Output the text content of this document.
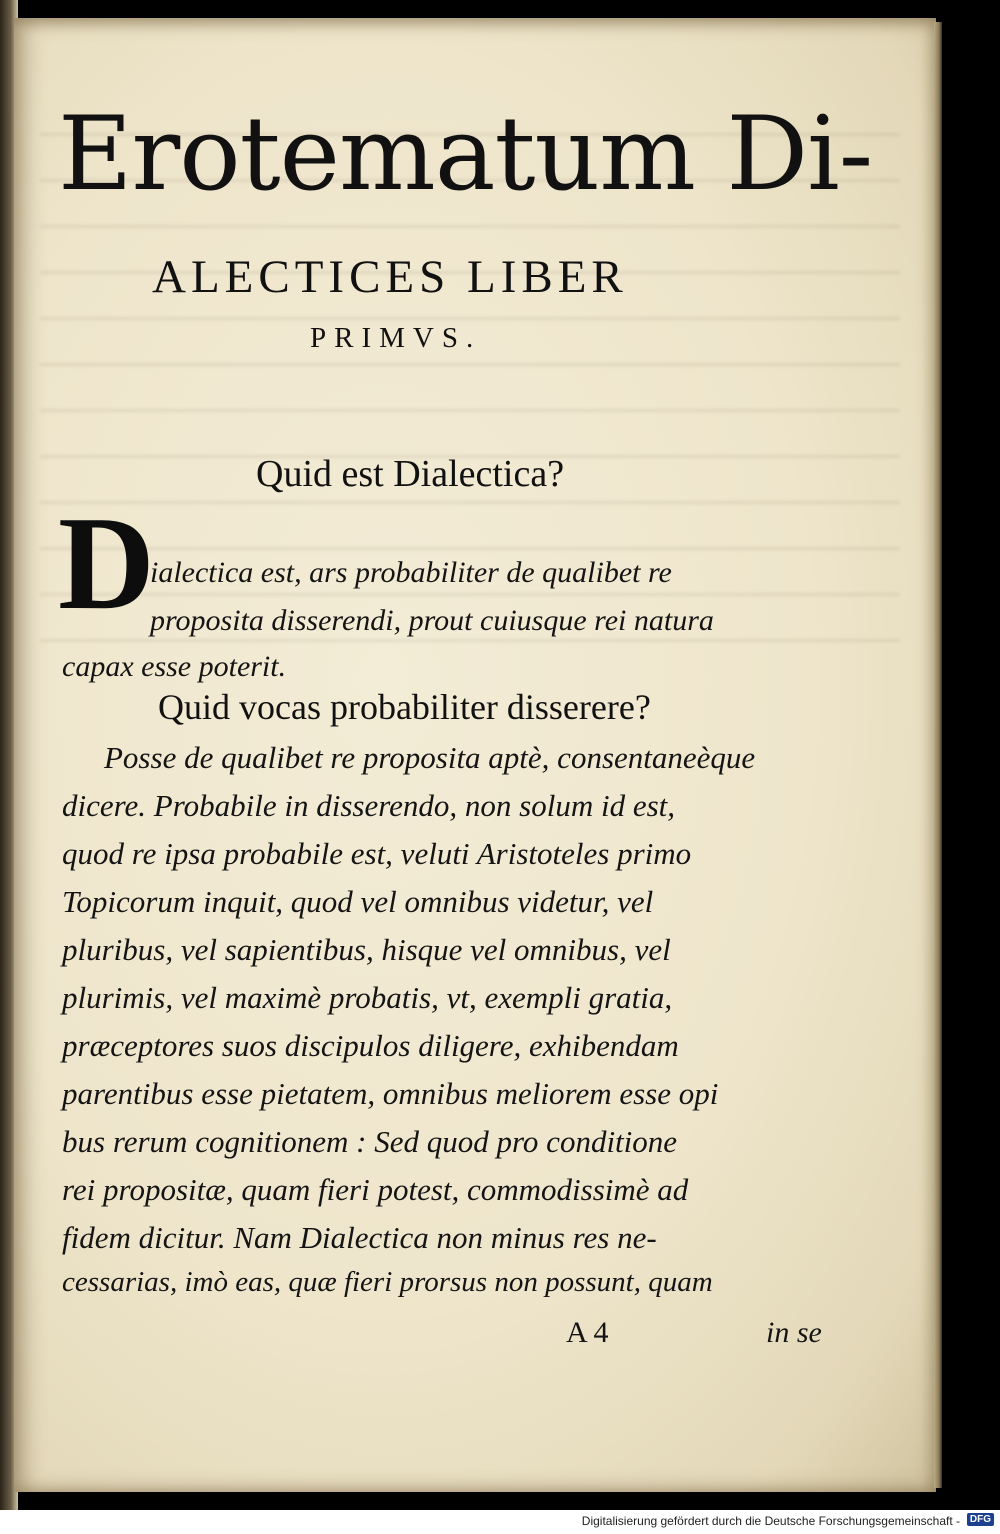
Erotematum Di-
ALECTICES LIBER
PRIMVS.
Quid est Dialectica?
D
ialectica est, ars probabiliter de qualibet re
proposita disserendi, prout cuiusque rei natura
capax esse poterit.
Quid vocas probabiliter disserere?
Posse de qualibet re proposita aptè, consentaneèque
dicere. Probabile in disserendo, non solum id est,
quod re ipsa probabile est, veluti Aristoteles primo
Topicorum inquit, quod vel omnibus videtur, vel
pluribus, vel sapientibus, hisque vel omnibus, vel
plurimis, vel maximè probatis, vt, exempli gratia,
præceptores suos discipulos diligere, exhibendam
parentibus esse pietatem, omnibus meliorem esse opi
bus rerum cognitionem : Sed quod pro conditione
rei propositæ, quam fieri potest, commodissimè ad
fidem dicitur. Nam Dialectica non minus res ne-
cessarias, imò eas, quæ fieri prorsus non possunt, quam
A 4	in se
Digitalisierung gefördert durch die Deutsche Forschungsgemeinschaft - DFG
